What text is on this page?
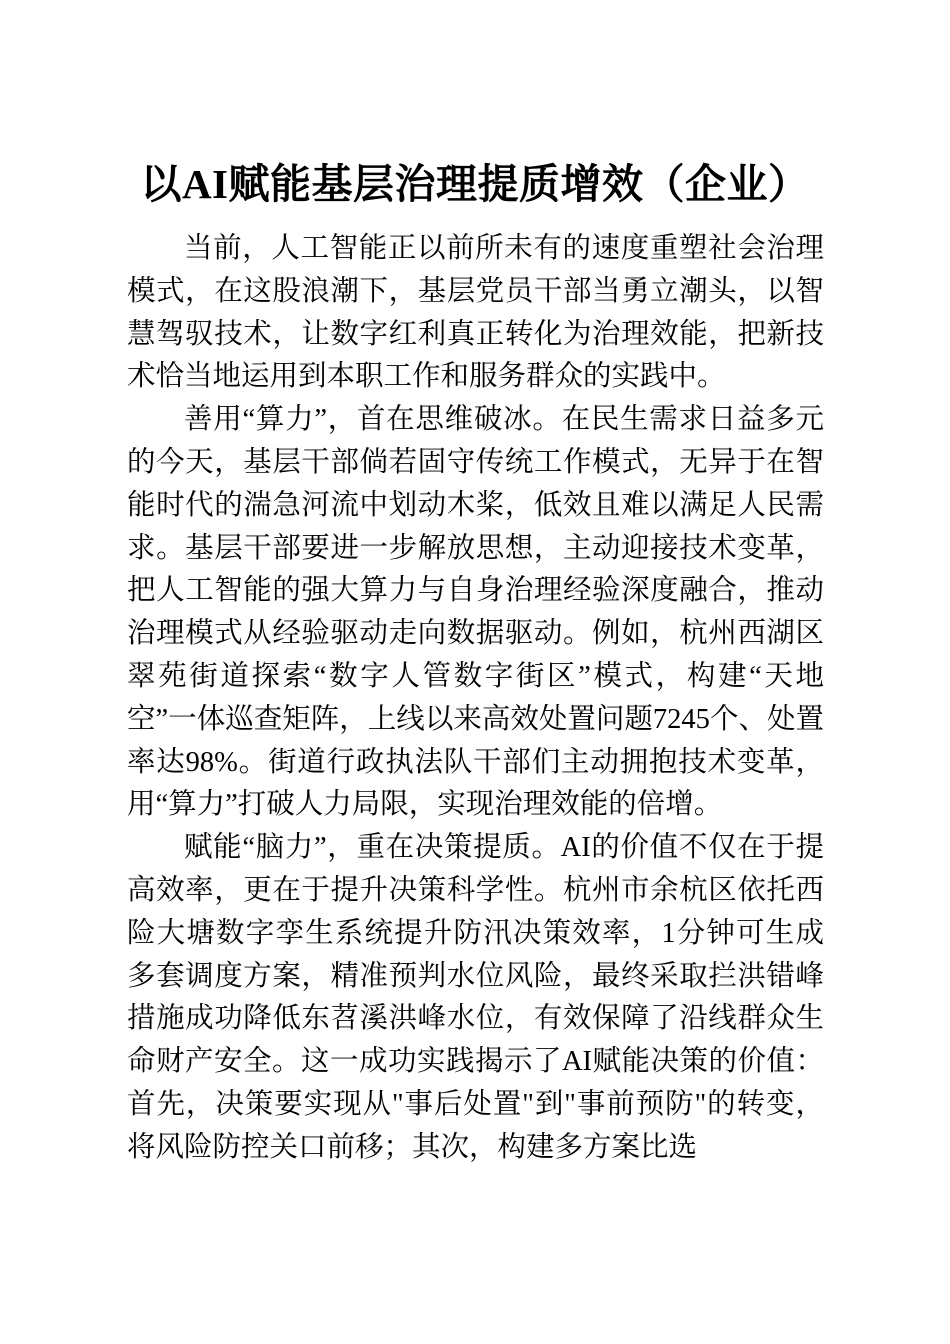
以AI赋能基层治理提质增效（企业）

当前，人工智能正以前所未有的速度重塑社会治理模式，在这股浪潮下，基层党员干部当勇立潮头，以智慧驾驭技术，让数字红利真正转化为治理效能，把新技术恰当地运用到本职工作和服务群众的实践中。

善用“算力”，首在思维破冰。在民生需求日益多元的今天，基层干部倘若固守传统工作模式，无异于在智能时代的湍急河流中划动木桨，低效且难以满足人民需求。基层干部要进一步解放思想，主动迎接技术变革，把人工智能的强大算力与自身治理经验深度融合，推动治理模式从经验驱动走向数据驱动。例如，杭州西湖区翠苑街道探索“数字人管数字街区”模式，构建“天地空”一体巡查矩阵，上线以来高效处置问题7245个、处置率达98%。街道行政执法队干部们主动拥抱技术变革，用“算力”打破人力局限，实现治理效能的倍增。

赋能“脑力”，重在决策提质。AI的价值不仅在于提高效率，更在于提升决策科学性。杭州市余杭区依托西险大塘数字孪生系统提升防汛决策效率，1分钟可生成多套调度方案，精准预判水位风险，最终采取拦洪错峰措施成功降低东苕溪洪峰水位，有效保障了沿线群众生命财产安全。这一成功实践揭示了AI赋能决策的价值：首先，决策要实现从"事后处置"到"事前预防"的转变，将风险防控关口前移；其次，构建多方案比选
